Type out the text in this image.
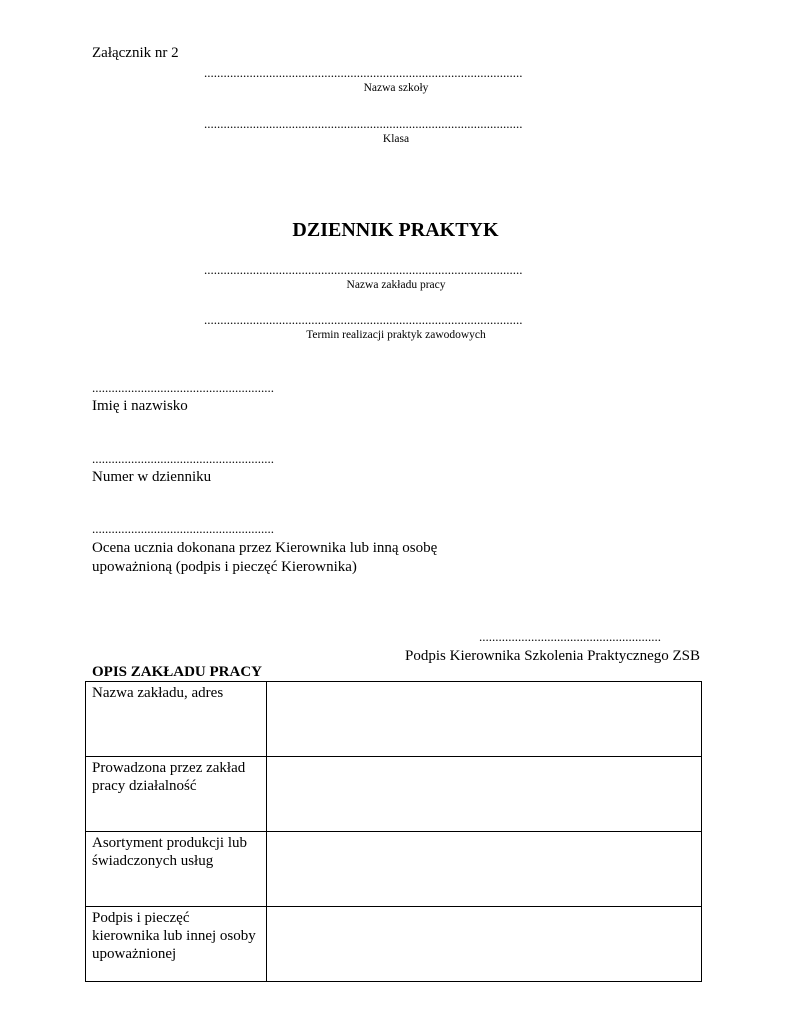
Załącznik nr 2
..................................................................................................
Nazwa szkoły
..................................................................................................
Klasa
DZIENNIK PRAKTYK
..................................................................................................
Nazwa zakładu pracy
..................................................................................................
Termin realizacji praktyk zawodowych
........................................................
Imię i nazwisko
........................................................
Numer w dzienniku
........................................................
Ocena ucznia dokonana przez Kierownika lub inną osobę
upoważnioną (podpis i pieczęć Kierownika)
........................................................
Podpis Kierownika Szkolenia Praktycznego ZSB
OPIS ZAKŁADU PRACY
Nazwa zakładu, adres	
Prowadzona przez zakład pracy działalność	
Asortyment produkcji lub świadczonych usług	
Podpis i pieczęć kierownika lub innej osoby upoważnionej	
